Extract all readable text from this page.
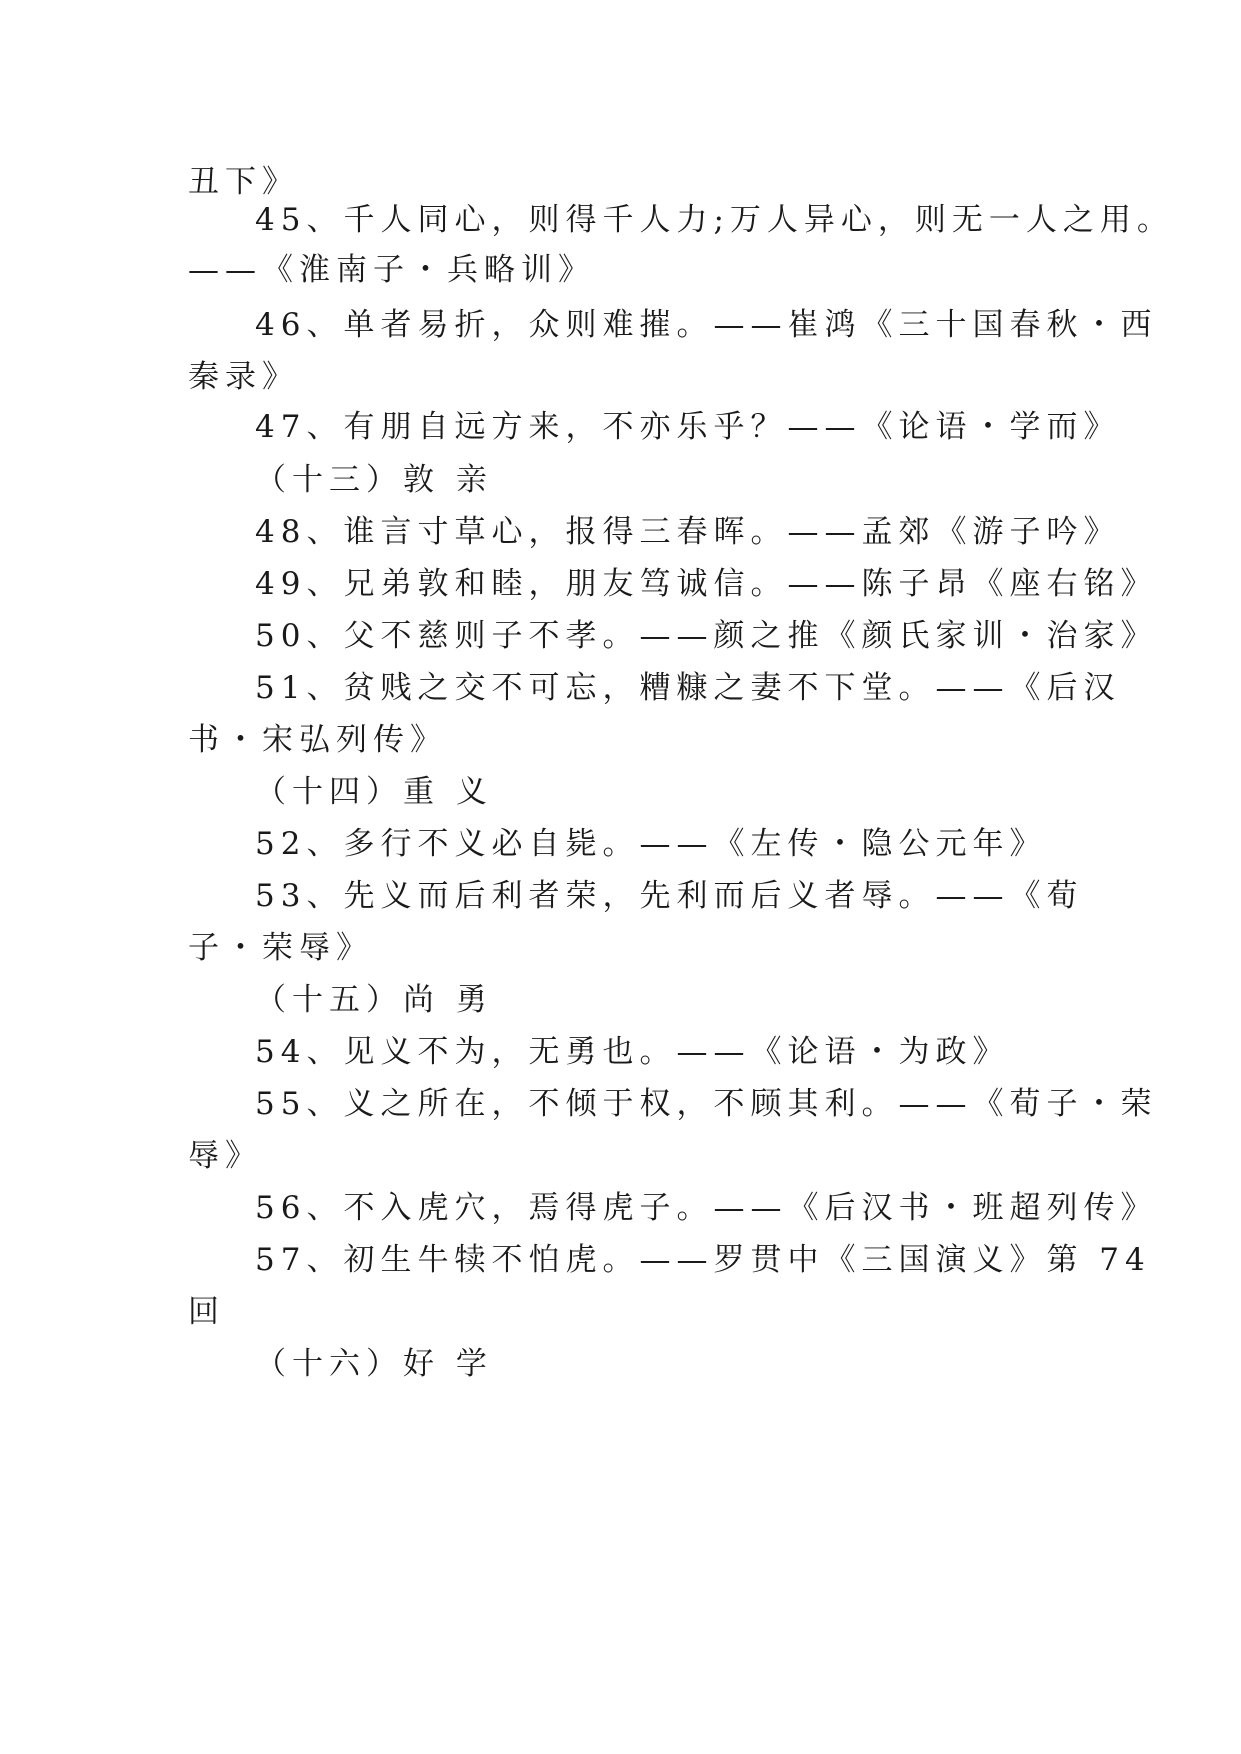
丑下》
45、千人同心，则得千人力;万人异心，则无一人之用。
——《淮南子・兵略训》
46、单者易折，众则难摧。——崔鸿《三十国春秋・西
秦录》
47、有朋自远方来，不亦乐乎？——《论语・学而》
（十三）敦 亲
48、谁言寸草心，报得三春晖。——孟郊《游子吟》
49、兄弟敦和睦，朋友笃诚信。——陈子昂《座右铭》
50、父不慈则子不孝。——颜之推《颜氏家训・治家》
51、贫贱之交不可忘，糟糠之妻不下堂。——《后汉
书・宋弘列传》
（十四）重 义
52、多行不义必自毙。——《左传・隐公元年》
53、先义而后利者荣，先利而后义者辱。——《荀
子・荣辱》
（十五）尚 勇
54、见义不为，无勇也。——《论语・为政》
55、义之所在，不倾于权，不顾其利。——《荀子・荣
辱》
56、不入虎穴，焉得虎子。——《后汉书・班超列传》
57、初生牛犊不怕虎。——罗贯中《三国演义》第 74
回
（十六）好 学
